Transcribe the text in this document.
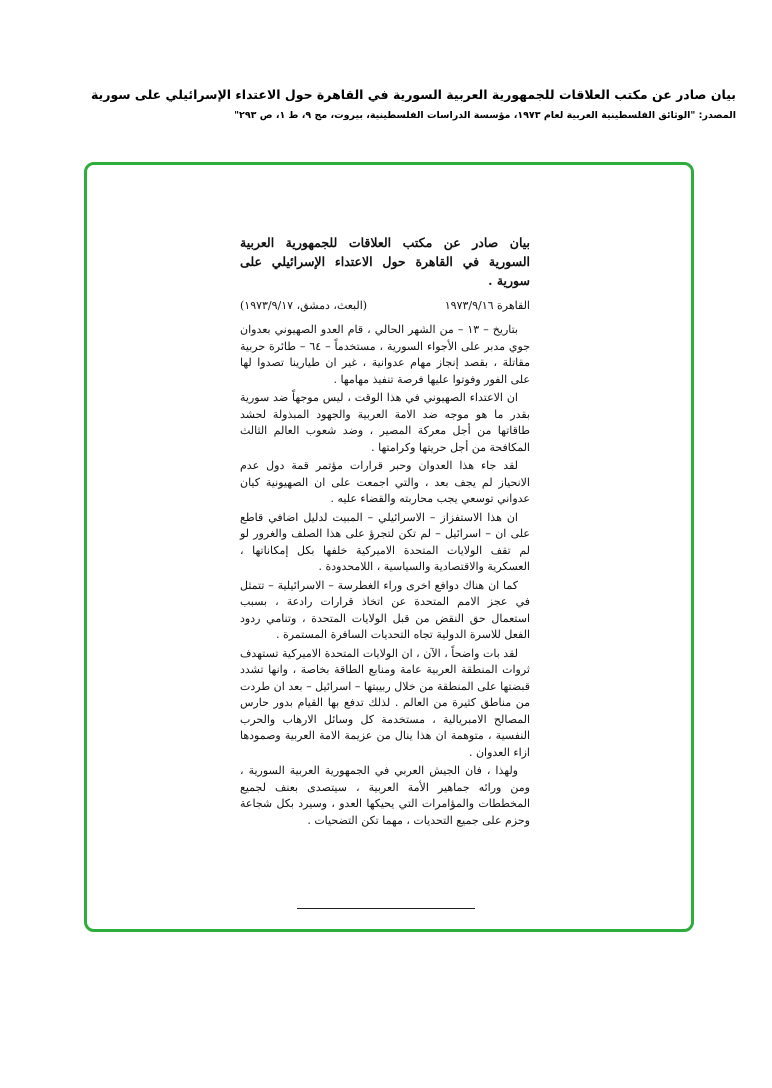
بيان صادر عن مكتب العلاقات للجمهورية العربية السورية في القاهرة حول الاعتداء الإسرائيلي على سورية
المصدر: "الوثائق الفلسطينية العربية لعام ١٩٧٣، مؤسسة الدراسات الفلسطينية، بيروت، مج ٩، ط ١، ص ٢٩٣"
بيان صادر عن مكتب العلاقات للجمهورية العربية السورية في القاهرة حول الاعتداء الإسرائيلي على سورية .
القاهرة ١٩٧٣/٩/١٦
(البعث، دمشق، ١٩٧٣/٩/١٧)

بتاريخ – ١٣ – من الشهر الحالي ، قام العدو الصهيوني بعدوان جوي مدبر على الأجواء السورية ، مستخدماً – ٦٤ – طائرة حربية مقاتلة ، بقصد إنجاز مهام عدوانية ، غير ان طيارينا تصدوا لها على الفور وفوتوا عليها فرصة تنفيذ مهامها .

ان الاعتداء الصهيوني في هذا الوقت ، ليس موجهاً ضد سورية بقدر ما هو موجه ضد الامة العربية والجهود المبذولة لحشد طاقاتها من أجل معركة المصير ، وضد شعوب العالم الثالث المكافحة من أجل حريتها وكرامتها .

لقد جاء هذا العدوان وحبر قرارات مؤتمر قمة دول عدم الانحياز لم يجف بعد ، والتي اجمعت على ان الصهيونية كيان عدواني توسعي يجب محاربته والقضاء عليه .

ان هذا الاستفزاز – الاسرائيلي – المبيت لدليل اضافي قاطع على ان – اسرائيل – لم تكن لتجرؤ على هذا الصلف والغرور لو لم تقف الولايات المتحدة الاميركية خلفها بكل إمكاناتها ، العسكرية والاقتصادية والسياسية ، اللامحدودة .

كما ان هناك دوافع اخرى وراء الغطرسة – الاسرائيلية – تتمثل في عجز الامم المتحدة عن اتخاذ قرارات رادعة ، بسبب استعمال حق النقض من قبل الولايات المتحدة ، وتنامي ردود الفعل للاسرة الدولية تجاه التحديات السافرة المستمرة .

لقد بات واضحاً ، الآن ، ان الولايات المتحدة الاميركية تستهدف ثروات المنطقة العربية عامة ومنابع الطاقة بخاصة ، وانها تشدد قبضتها على المنطقة من خلال ربيبتها – اسرائيل – بعد ان طردت من مناطق كثيرة من العالم . لذلك تدفع بها القيام بدور حارس المصالح الامبريالية ، مستخدمة كل وسائل الارهاب والحرب النفسية ، متوهمة ان هذا ينال من عزيمة الامة العربية وصمودها ازاء العدوان .

ولهذا ، فان الجيش العربي في الجمهورية العربية السورية ، ومن ورائه جماهير الأمة العربية ، سيتصدى بعنف لجميع المخططات والمؤامرات التي يحيكها العدو ، وسيرد بكل شجاعة وحزم على جميع التحديات ، مهما تكن التضحيات .
